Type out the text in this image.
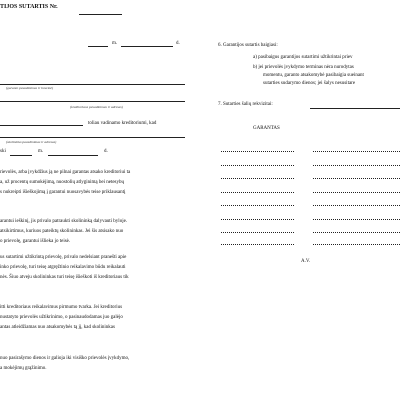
TIJOS SUTARTIS Nr.
m.	d.
(garanto pavadinimas ir buveinė)
(kreditoriaus pavadinimas ir adresas)
toliau vadinamo kreditoriumi, kad
(skolininko pavadinimas ir adresas)
ski	m.	d.
rievolės, arba įvykdžius ją ne pilnai garantas atsako kreditoriui ta
a, už procentų sumokėjimą, nuostolių atlyginimą bei netesybų
s nukreipti išieškojimą į garantui nuosavybės teise priklausantį
arantui ieškinį, jis privalo patraukti skolininką dalyvauti byloje.
atsikirtimus, kuriuos pateiktų skolininkas. Jei šis atsisako nuo
o prievolę, garantui išlieka jo teisė.
us sutartimi užtikrintą prievolę, privalo nedelsiant pranešti apie
inko prievolę, turi teisę atgręžtinio reikalavimo būdu reikalauti
nės. Šiuo atveju skolininkas turi teisę išieškoti iš kreditoriaus tik
itti kreditoriaus reikalavimus pirmumo tvarka. Jei kreditorius
nustatyto prievolės užtikrinimo, o pasinaudodamas juo galėjo
antas atleidžiamas nuo atsakomybės tą jį, kad skolininkas
nuo pasirašymo dienos ir galioja iki visiško prievolės įvykdymo,
a mokėjimų grąžinimo.
6. Garantijos sutartis baigiasi:
a) pasibaigus garantijos sutartimi užtikrintai priev
b) jei prievolės įvykdymo terminas nėra nurodytas
momentu, garanto atsakomybė pasibaigia sueinant
sutarties sudarymo dienos; jei šalys nesusitare
7. Sutarties šalių rekvizitai:
GARANTAS
A.V.
